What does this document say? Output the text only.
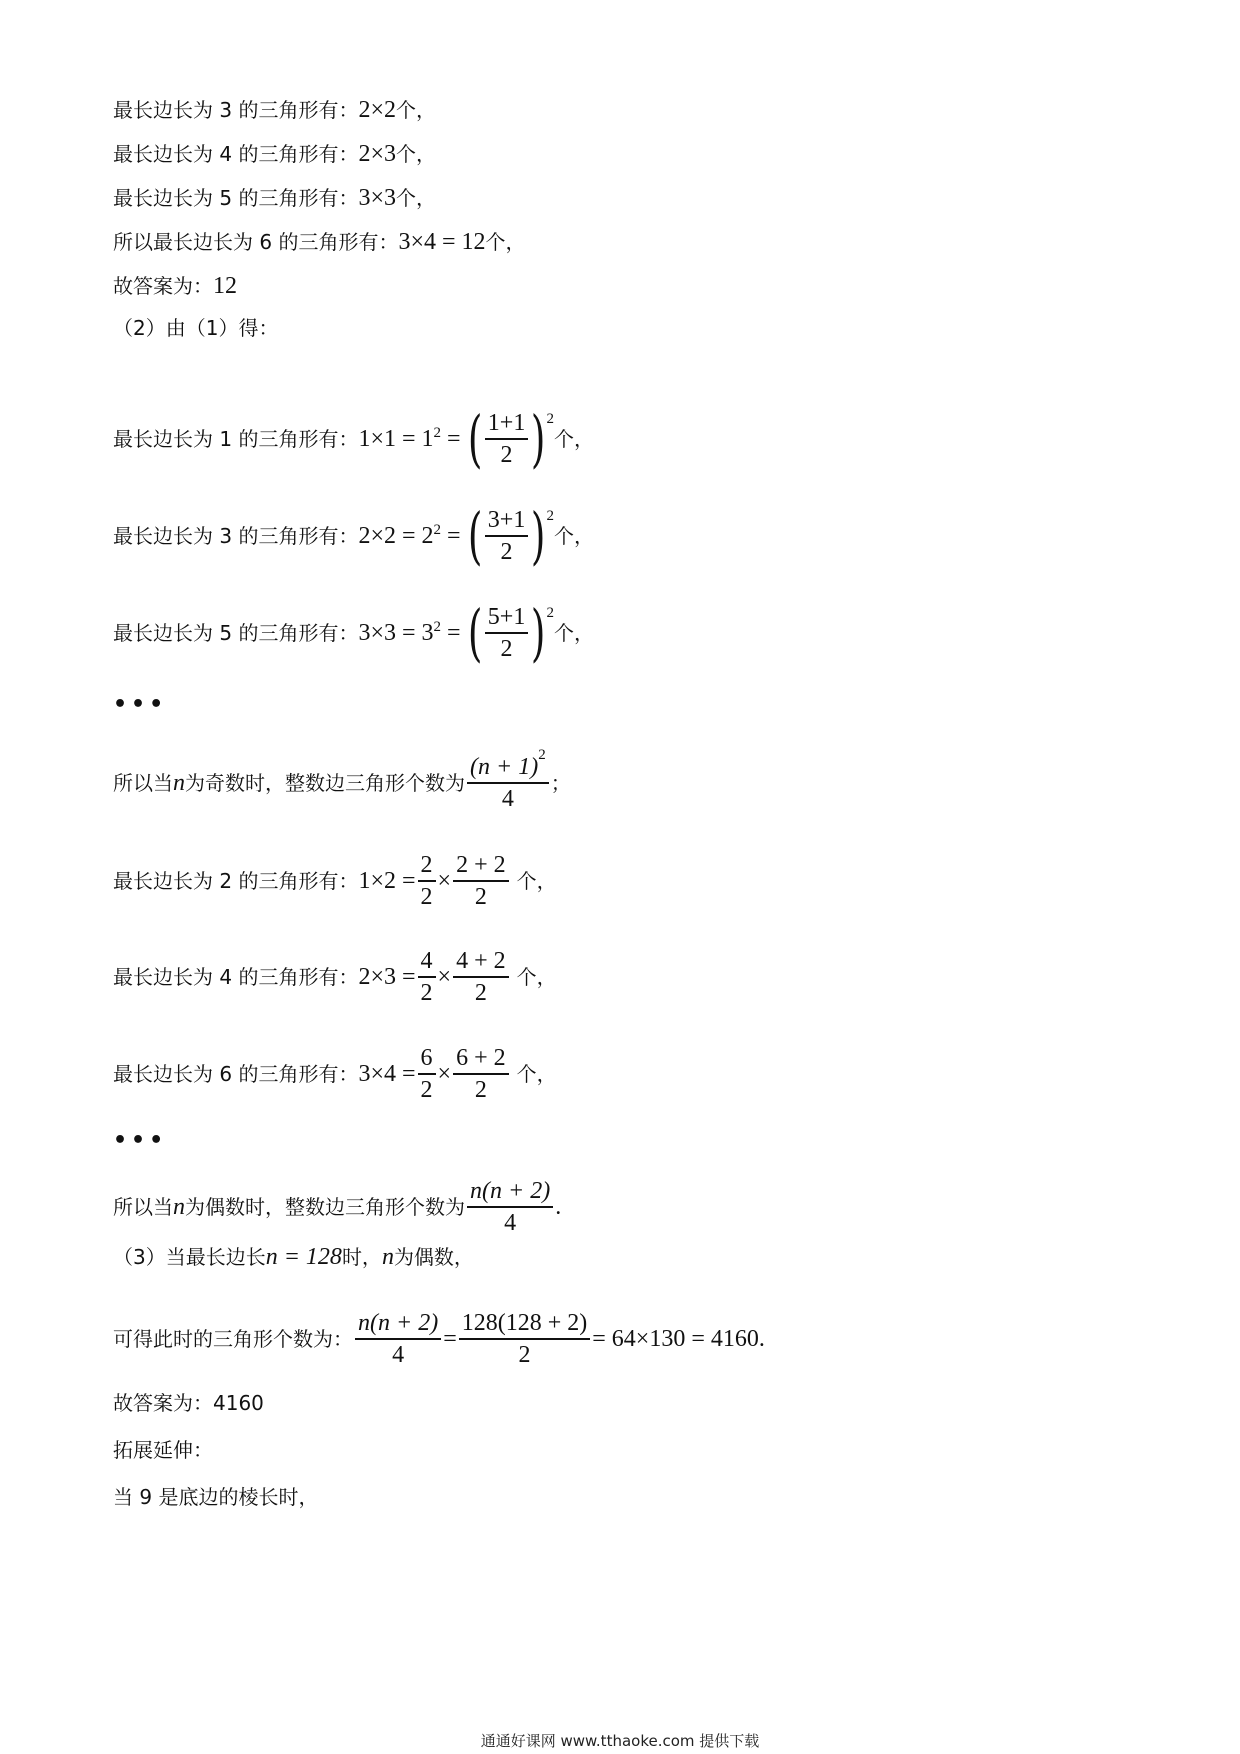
最长边长为 3 的三角形有： 2×2 个，
最长边长为 4 的三角形有： 2×3 个，
最长边长为 5 的三角形有： 3×3 个，
所以最长边长为 6 的三角形有： 3×4 = 12 个，
故答案为： 12
（2）由（1）得：
最长边长为 1 的三角形有： 1×1 = 1 2 = ( $\frac{1+1}{2}$ ) 2
个，
最长边长为 3 的三角形有： 2×2 = 2 2 = ( $\frac{3+1}{2}$ ) 2
个，
最长边长为 5 的三角形有： 3×3 = 3 2 = ( $\frac{5+1}{2}$ ) 2
个，
•••
所以当 n 为奇数时，整数边三角形个数为 $\frac{(n + 1)^2}{4}$ ；
最长边长为 2 的三角形有： $1\times 2 = \frac{2}{2} \times \frac{2 + 2}{2}$ 个，
最长边长为 4 的三角形有： $2\times 3 = \frac{4}{2} \times \frac{4 + 2}{2}$ 个，
最长边长为 6 的三角形有： $3\times 4 = \frac{6}{2} \times \frac{6 + 2}{2}$ 个，
•••
所以当 n 为偶数时，整数边三角形个数为 $\frac{n(n + 2)}{4}$ .
（3）当最长边长 n = 128 时， n 为偶数，
可得此时的三角形个数为： $\frac{n(n + 2)}{4} = \frac{128(128 + 2)}{2} = 64\times 130 = 4160$.
故答案为：4160
拓展延伸：
当 9 是底边的棱长时，
通通好课网 www.tthaoke.com 提供下载
